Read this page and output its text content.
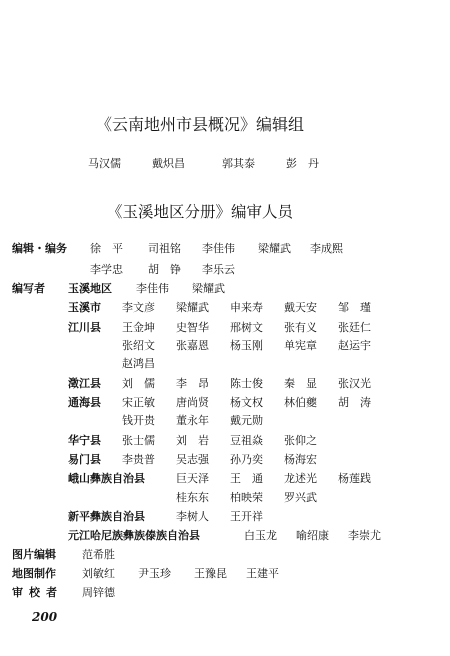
《云南地州市县概况》编辑组
马汉儒	戴炽昌	郭其泰	彭　丹
《玉溪地区分册》编审人员
编辑・编务 徐　平 司祖铭 李佳伟 梁耀武 李成熙
李学忠 胡　铮 李乐云
编写者 玉溪地区 李佳伟 梁耀武
玉溪市 李文彦 梁耀武 申来寿 戴天安 邹　瑾
江川县 王金坤 史智华 邢树文 张有义 张廷仁
张绍文 张嘉恩 杨玉刚 单宪章 赵运宇
赵鸿昌
澂江县 刘　儒 李　昂 陈士俊 秦　显 张汉光
通海县 宋正敏 唐尚贤 杨文权 林伯夔 胡　涛
钱开贵 董永年 戴元勋
华宁县 张士儒 刘　岩 豆祖焱 张仰之
易门县 李贵普 吴志强 孙乃奕 杨海宏
峨山彝族自治县	巨天泽 王　通 龙述光 杨莲践
桂东东 柏映荣 罗兴武
新平彝族自治县	李树人 王开祥
元江哈尼族彝族傣族自治县	白玉龙 喻绍康 李崇尤
图片编辑 范希胜
地图制作 刘敏红 尹玉珍 王豫昆 王建平
审校者 周锌德
200
